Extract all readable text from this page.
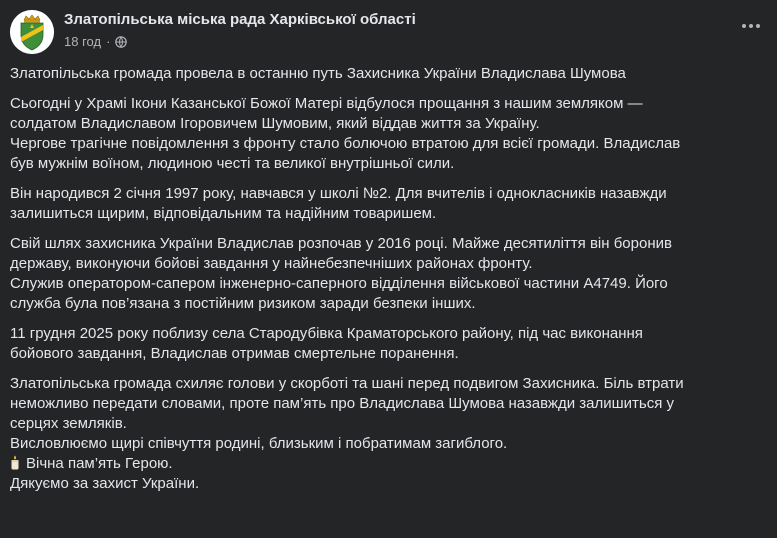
Златопільська міська рада Харківської області
18 год ·

Златопільська громада провела в останню путь Захисника України Владислава Шумова

Сьогодні у Храмі Ікони Казанської Божої Матері відбулося прощання з нашим земляком —
солдатом Владиславом Ігоровичем Шумовим, який віддав життя за Україну.
Чергове трагічне повідомлення з фронту стало болючою втратою для всієї громади. Владислав
був мужнім воїном, людиною честі та великої внутрішньої сили.

Він народився 2 січня 1997 року, навчався у школі №2. Для вчителів і однокласників назавжди
залишиться щирим, відповідальним та надійним товаришем.

Свій шлях захисника України Владислав розпочав у 2016 році. Майже десятиліття він боронив
державу, виконуючи бойові завдання у найнебезпечніших районах фронту.
Служив оператором-сапером інженерно-саперного відділення військової частини А4749. Його
служба була пов’язана з постійним ризиком заради безпеки інших.

11 грудня 2025 року поблизу села Стародубівка Краматорського району, під час виконання
бойового завдання, Владислав отримав смертельне поранення.

Златопільська громада схиляє голови у скорботі та шані перед подвигом Захисника. Біль втрати
неможливо передати словами, проте пам’ять про Владислава Шумова назавжди залишиться у
серцях земляків.
Висловлюємо щирі співчуття родині, близьким і побратимам загиблого.
Вічна пам’ять Герою.
Дякуємо за захист України.
